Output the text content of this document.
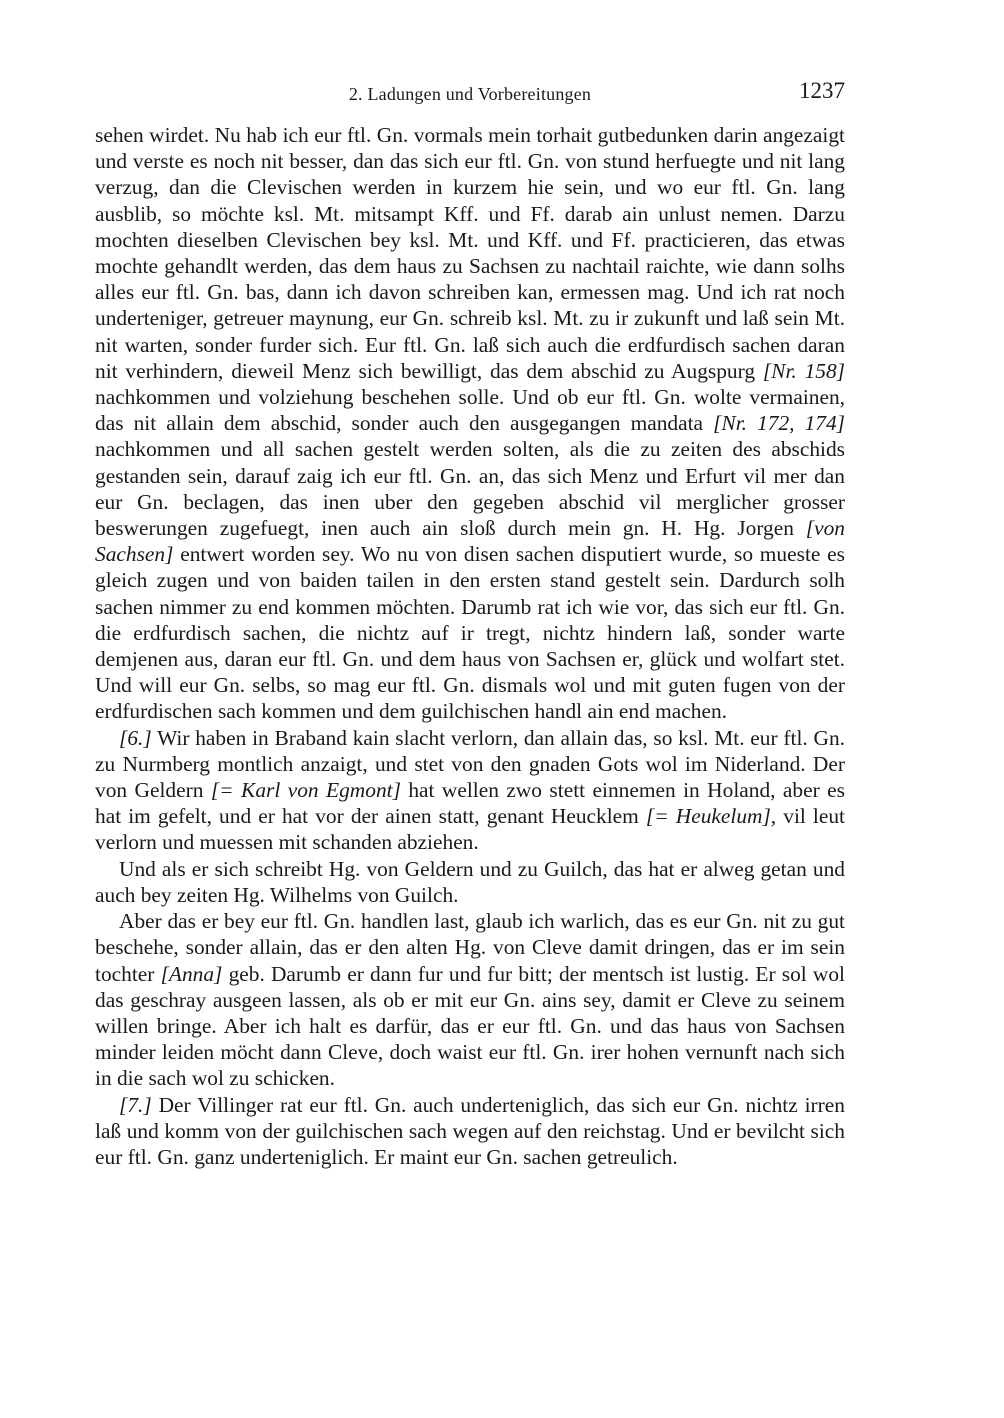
2. Ladungen und Vorbereitungen	1237

sehen wirdet. Nu hab ich eur ftl. Gn. vormals mein torhait gutbedunken darin angezaigt und verste es noch nit besser, dan das sich eur ftl. Gn. von stund herfuegte und nit lang verzug, dan die Clevischen werden in kurzem hie sein, und wo eur ftl. Gn. lang ausblib, so möchte ksl. Mt. mitsampt Kff. und Ff. darab ain unlust nemen. Darzu mochten dieselben Clevischen bey ksl. Mt. und Kff. und Ff. practicieren, das etwas mochte gehandlt werden, das dem haus zu Sachsen zu nachtail raichte, wie dann solhs alles eur ftl. Gn. bas, dann ich davon schreiben kan, ermessen mag. Und ich rat noch underteniger, getreuer maynung, eur Gn. schreib ksl. Mt. zu ir zukunft und laß sein Mt. nit warten, sonder furder sich. Eur ftl. Gn. laß sich auch die erdfurdisch sachen daran nit verhindern, dieweil Menz sich bewilligt, das dem abschid zu Augspurg [Nr. 158] nachkommen und volziehung beschehen solle. Und ob eur ftl. Gn. wolte vermainen, das nit allain dem abschid, sonder auch den ausgegangen mandata [Nr. 172, 174] nachkommen und all sachen gestelt werden solten, als die zu zeiten des abschids gestanden sein, darauf zaig ich eur ftl. Gn. an, das sich Menz und Erfurt vil mer dan eur Gn. beclagen, das inen uber den gegeben abschid vil merglicher grosser beswerungen zugefuegt, inen auch ain sloß durch mein gn. H. Hg. Jorgen [von Sachsen] entwert worden sey. Wo nu von disen sachen disputiert wurde, so mueste es gleich zugen und von baiden tailen in den ersten stand gestelt sein. Dardurch solh sachen nimmer zu end kommen möchten. Darumb rat ich wie vor, das sich eur ftl. Gn. die erdfurdisch sachen, die nichtz auf ir tregt, nichtz hindern laß, sonder warte demjenen aus, daran eur ftl. Gn. und dem haus von Sachsen er, glück und wolfart stet. Und will eur Gn. selbs, so mag eur ftl. Gn. dismals wol und mit guten fugen von der erdfurdischen sach kommen und dem guilchischen handl ain end machen.

[6.] Wir haben in Braband kain slacht verlorn, dan allain das, so ksl. Mt. eur ftl. Gn. zu Nurmberg montlich anzaigt, und stet von den gnaden Gots wol im Niderland. Der von Geldern [= Karl von Egmont] hat wellen zwo stett einnemen in Holand, aber es hat im gefelt, und er hat vor der ainen statt, genant Heucklem [= Heukelum], vil leut verlorn und muessen mit schanden abziehen.

Und als er sich schreibt Hg. von Geldern und zu Guilch, das hat er alweg getan und auch bey zeiten Hg. Wilhelms von Guilch.

Aber das er bey eur ftl. Gn. handlen last, glaub ich warlich, das es eur Gn. nit zu gut beschehe, sonder allain, das er den alten Hg. von Cleve damit dringen, das er im sein tochter [Anna] geb. Darumb er dann fur und fur bitt; der mentsch ist lustig. Er sol wol das geschray ausgeen lassen, als ob er mit eur Gn. ains sey, damit er Cleve zu seinem willen bringe. Aber ich halt es darfür, das er eur ftl. Gn. und das haus von Sachsen minder leiden möcht dann Cleve, doch waist eur ftl. Gn. irer hohen vernunft nach sich in die sach wol zu schicken.

[7.] Der Villinger rat eur ftl. Gn. auch underteniglich, das sich eur Gn. nichtz irren laß und komm von der guilchischen sach wegen auf den reichstag. Und er bevilcht sich eur ftl. Gn. ganz underteniglich. Er maint eur Gn. sachen getreulich.
